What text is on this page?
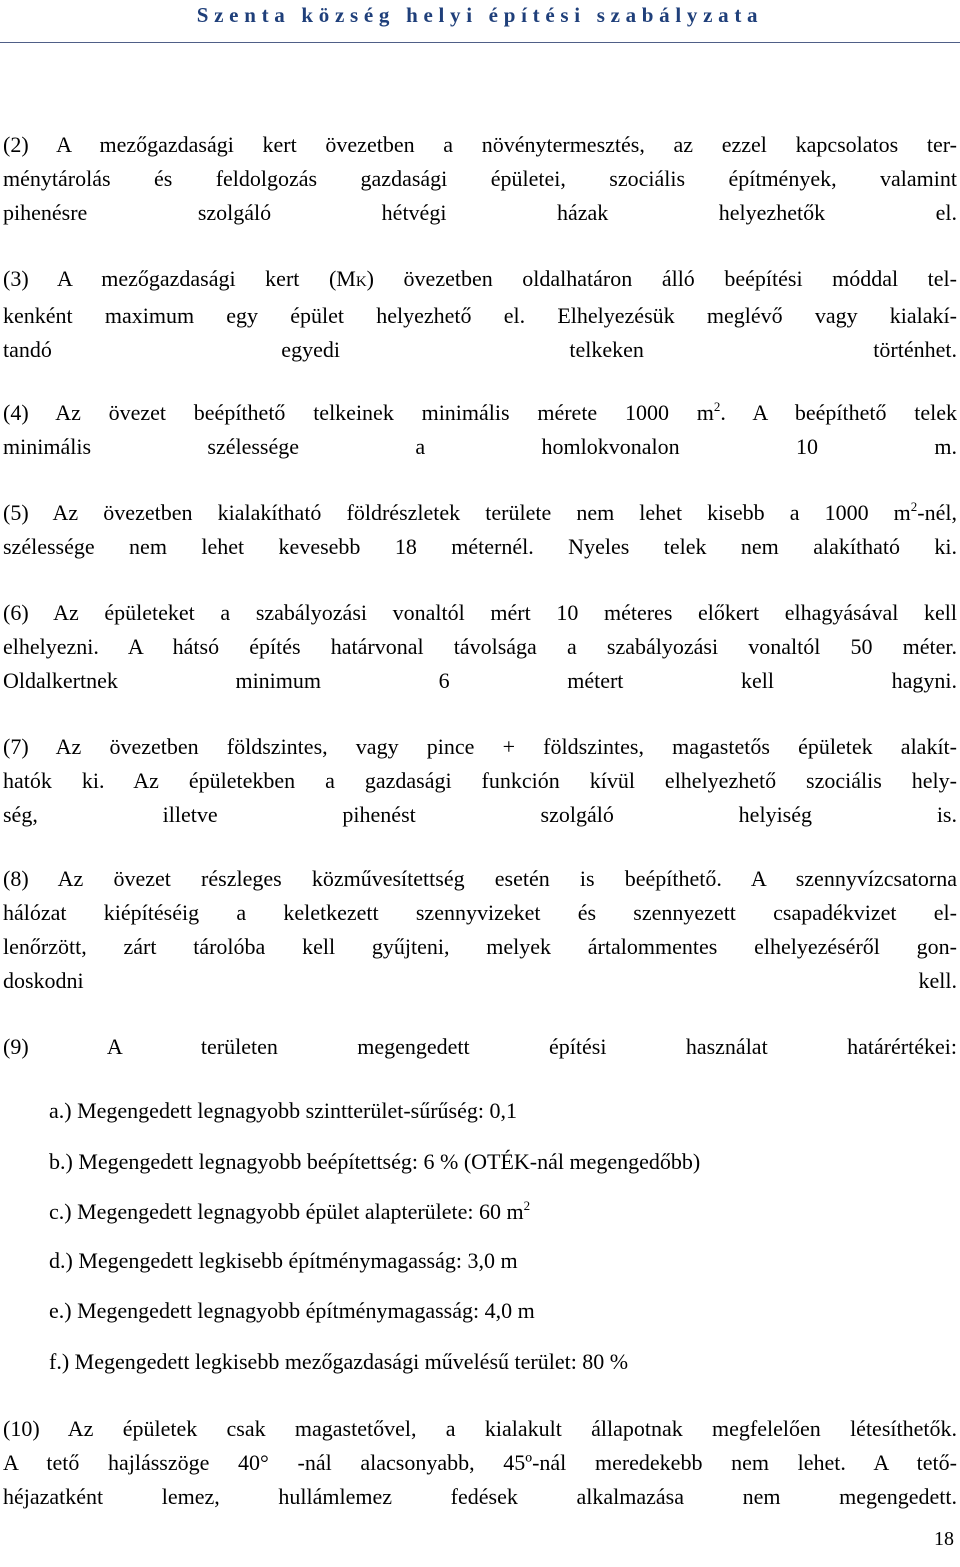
Szenta község helyi építési szabályzata
(2) A mezőgazdasági kert övezetben a növénytermesztés, az ezzel kapcsolatos ter-
ménytárolás és feldolgozás gazdasági épületei, szociális építmények, valamint
pihenésre szolgáló hétvégi házak helyezhetők el.
(3) A mezőgazdasági kert (MK) övezetben oldalhatáron álló beépítési móddal tel-
kenként maximum egy épület helyezhető el. Elhelyezésük meglévő vagy kialakí-
tandó egyedi telkeken történhet.
(4) Az övezet beépíthető telkeinek minimális mérete 1000 $m^2$. A beépíthető telek
minimális szélessége a homlokvonalon 10 m.
(5) Az övezetben kialakítható földrészletek területe nem lehet kisebb a 1000 $m^2$-nél,
szélessége nem lehet kevesebb 18 méternél. Nyeles telek nem alakítható ki.
(6) Az épületeket a szabályozási vonaltól mért 10 méteres előkert elhagyásával kell
elhelyezni. A hátsó építés határvonal távolsága a szabályozási vonaltól 50 méter.
Oldalkertnek minimum 6 métert kell hagyni.
(7) Az övezetben földszintes, vagy pince + földszintes, magastetős épületek alakít-
hatók ki. Az épületekben a gazdasági funkción kívül elhelyezhető szociális hely-
ség, illetve pihenést szolgáló helyiség is.
(8) Az övezet részleges közművesítettség esetén is beépíthető. A szennyvízcsatorna
hálózat kiépítéséig a keletkezett szennyvizeket és szennyezett csapadékvizet el-
lenőrzött, zárt tárolóba kell gyűjteni, melyek ártalommentes elhelyezéséről gon-
doskodni kell.
(9) A területen megengedett építési használat határértékei:
a.) Megengedett legnagyobb szintterület-sűrűség: 0,1
b.) Megengedett legnagyobb beépítettség: 6 % (OTÉK-nál megengedőbb)
c.) Megengedett legnagyobb épület alapterülete: 60 $m^2$
d.) Megengedett legkisebb építménymagasság: 3,0 m
e.) Megengedett legnagyobb építménymagasság: 4,0 m
f.) Megengedett legkisebb mezőgazdasági művelésű terület: 80 %
(10) Az épületek csak magastetővel, a kialakult állapotnak megfelelően létesíthetők.
A tető hajlásszöge 40° -nál alacsonyabb, 45º-nál meredekebb nem lehet. A tető-
héjazatként lemez, hullámlemez fedések alkalmazása nem megengedett.
18
